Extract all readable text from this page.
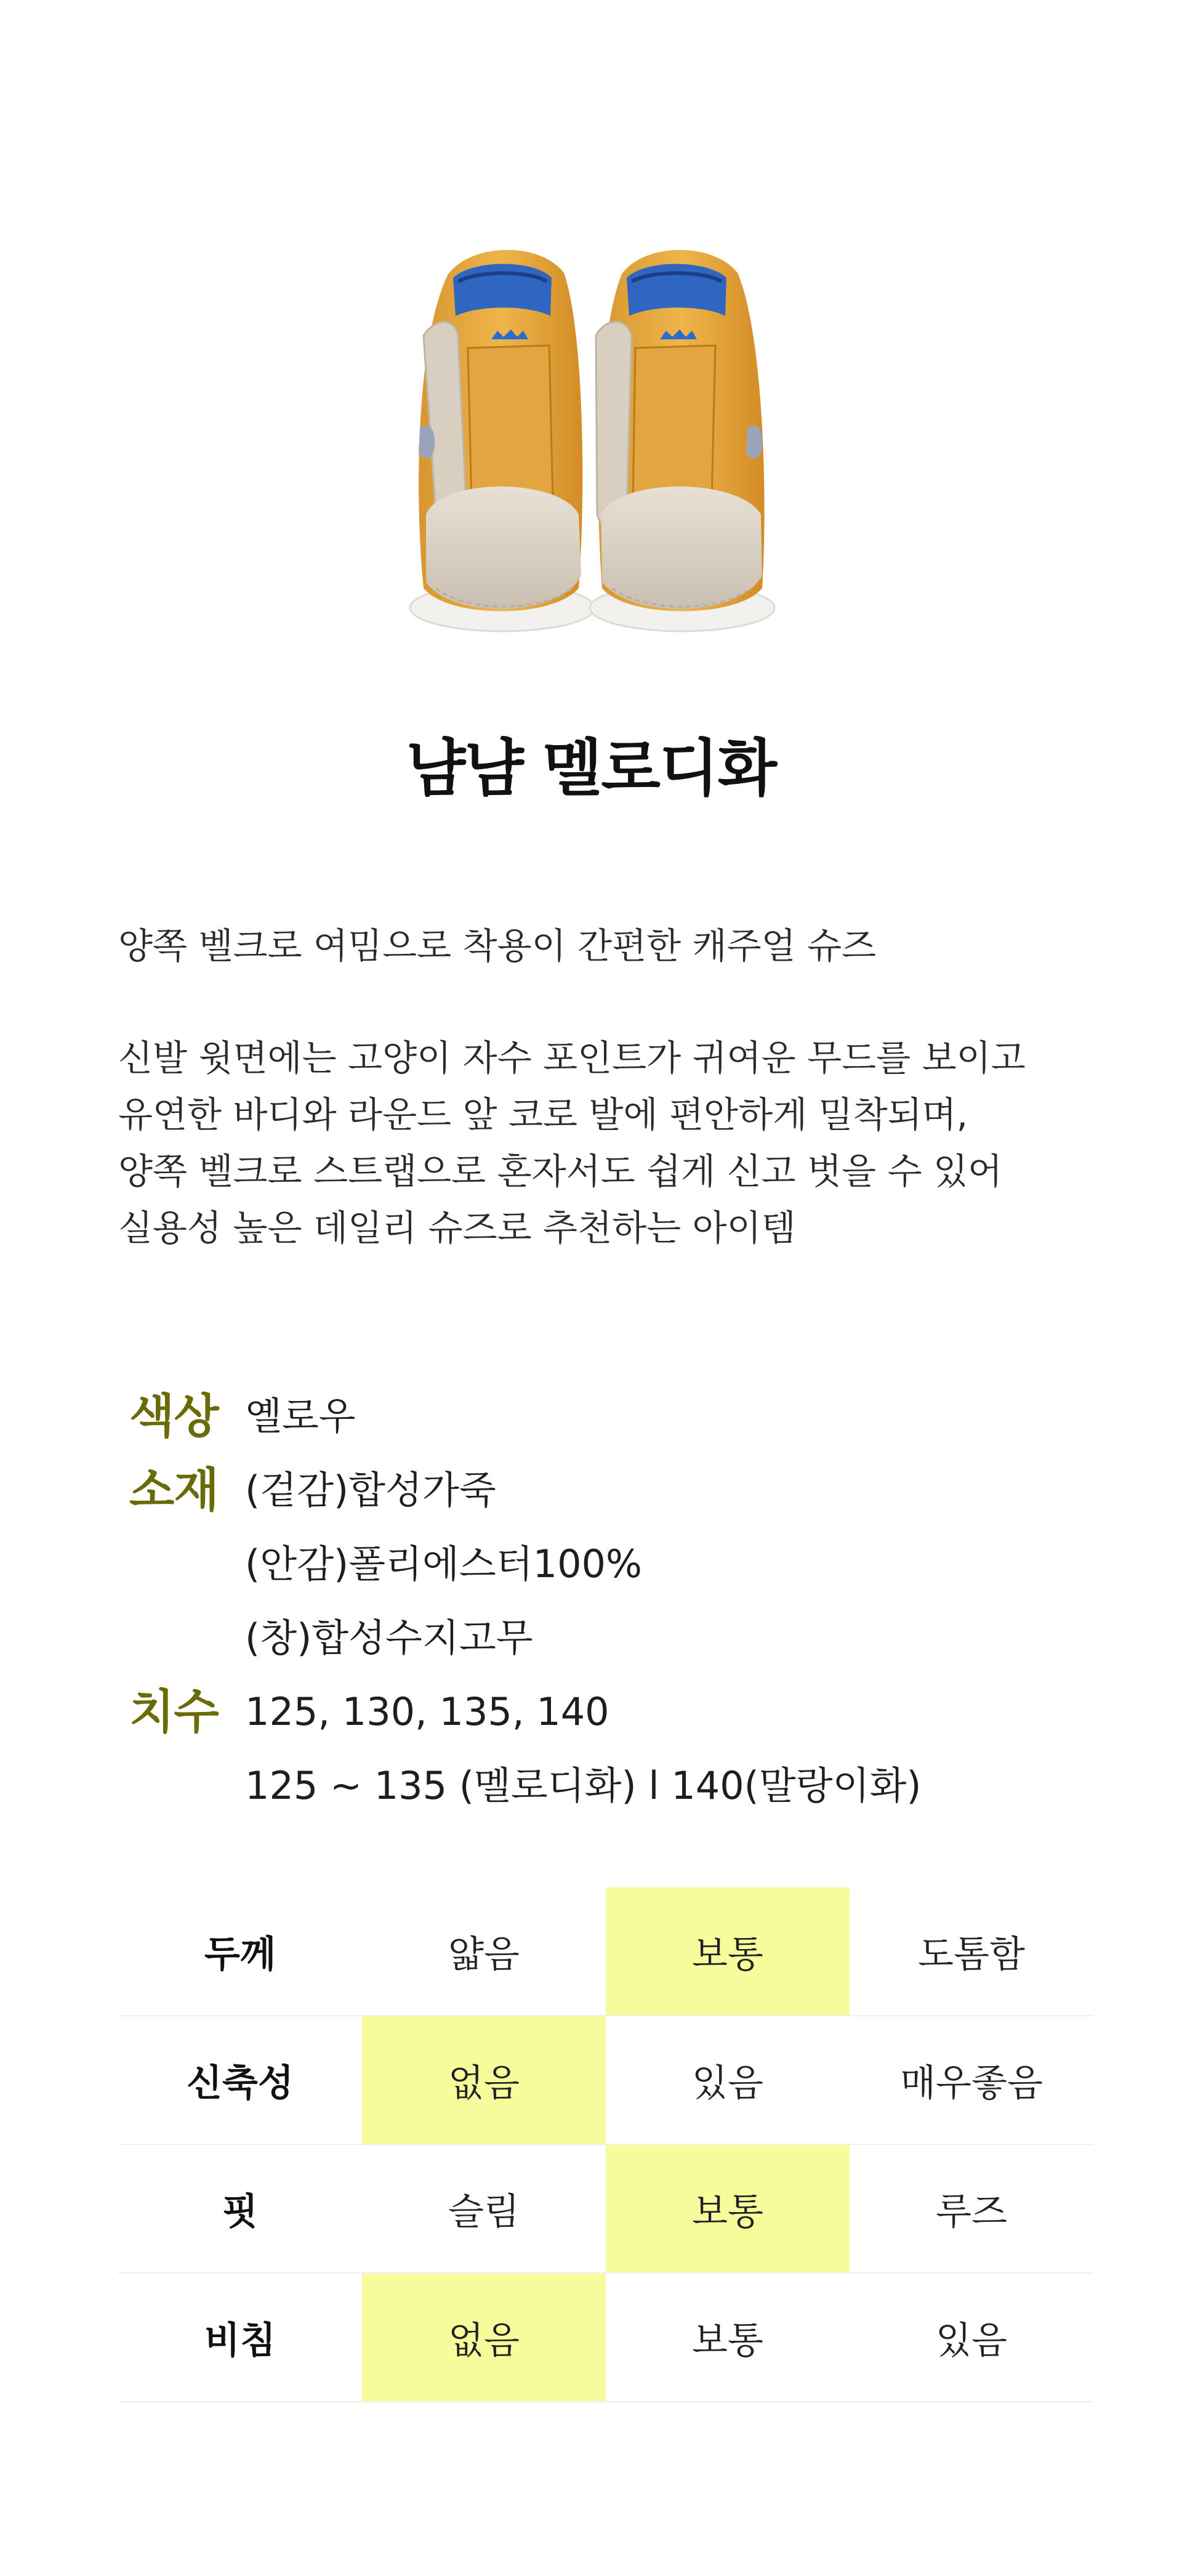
냠냠 멜로디화
양쪽 벨크로 여밈으로 착용이 간편한 캐주얼 슈즈
신발 윗면에는 고양이 자수 포인트가 귀여운 무드를 보이고
유연한 바디와 라운드 앞 코로 발에 편안하게 밀착되며,
양쪽 벨크로 스트랩으로 혼자서도 쉽게 신고 벗을 수 있어
실용성 높은 데일리 슈즈로 추천하는 아이템
색상 옐로우
소재 (겉감)합성가죽
(안감)폴리에스터100%
(창)합성수지고무
치수 125, 130, 135, 140
125 ~ 135 (멜로디화) l 140(말랑이화)
두께	얇음	보통	도톰함
신축성	없음	있음	매우좋음
핏	슬림	보통	루즈
비침	없음	보통	있음
